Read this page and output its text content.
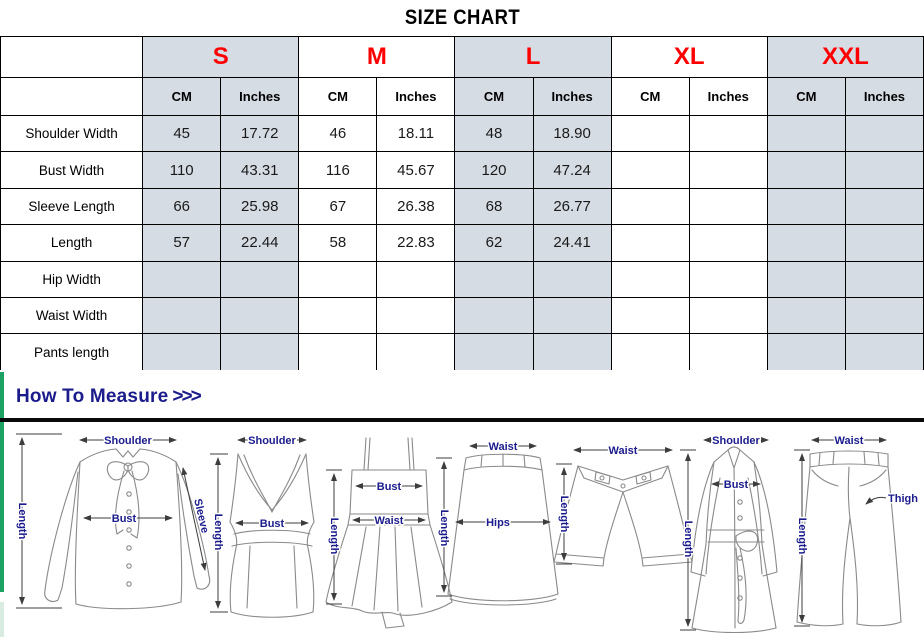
SIZE CHART
	S		M		L		XL		XXL	
	CM	Inches	CM	Inches	CM	Inches	CM	Inches	CM	Inches
Shoulder Width	45	17.72	46	18.11	48	18.90				
Bust Width	110	43.31	116	45.67	120	47.24				
Sleeve Length	66	25.98	67	26.38	68	26.77				
Length	57	22.44	58	22.83	62	24.41				
Hip Width										
Waist Width										
Pants length										
How To Measure >>>
Shoulder
Bust	Sleeve
Length
Shoulder
Bust
Length
Bust
Waist
Length
Waist
Hips
Length
Waist
Length
Shoulder
Bust
Length
Waist
Thigh
Length
